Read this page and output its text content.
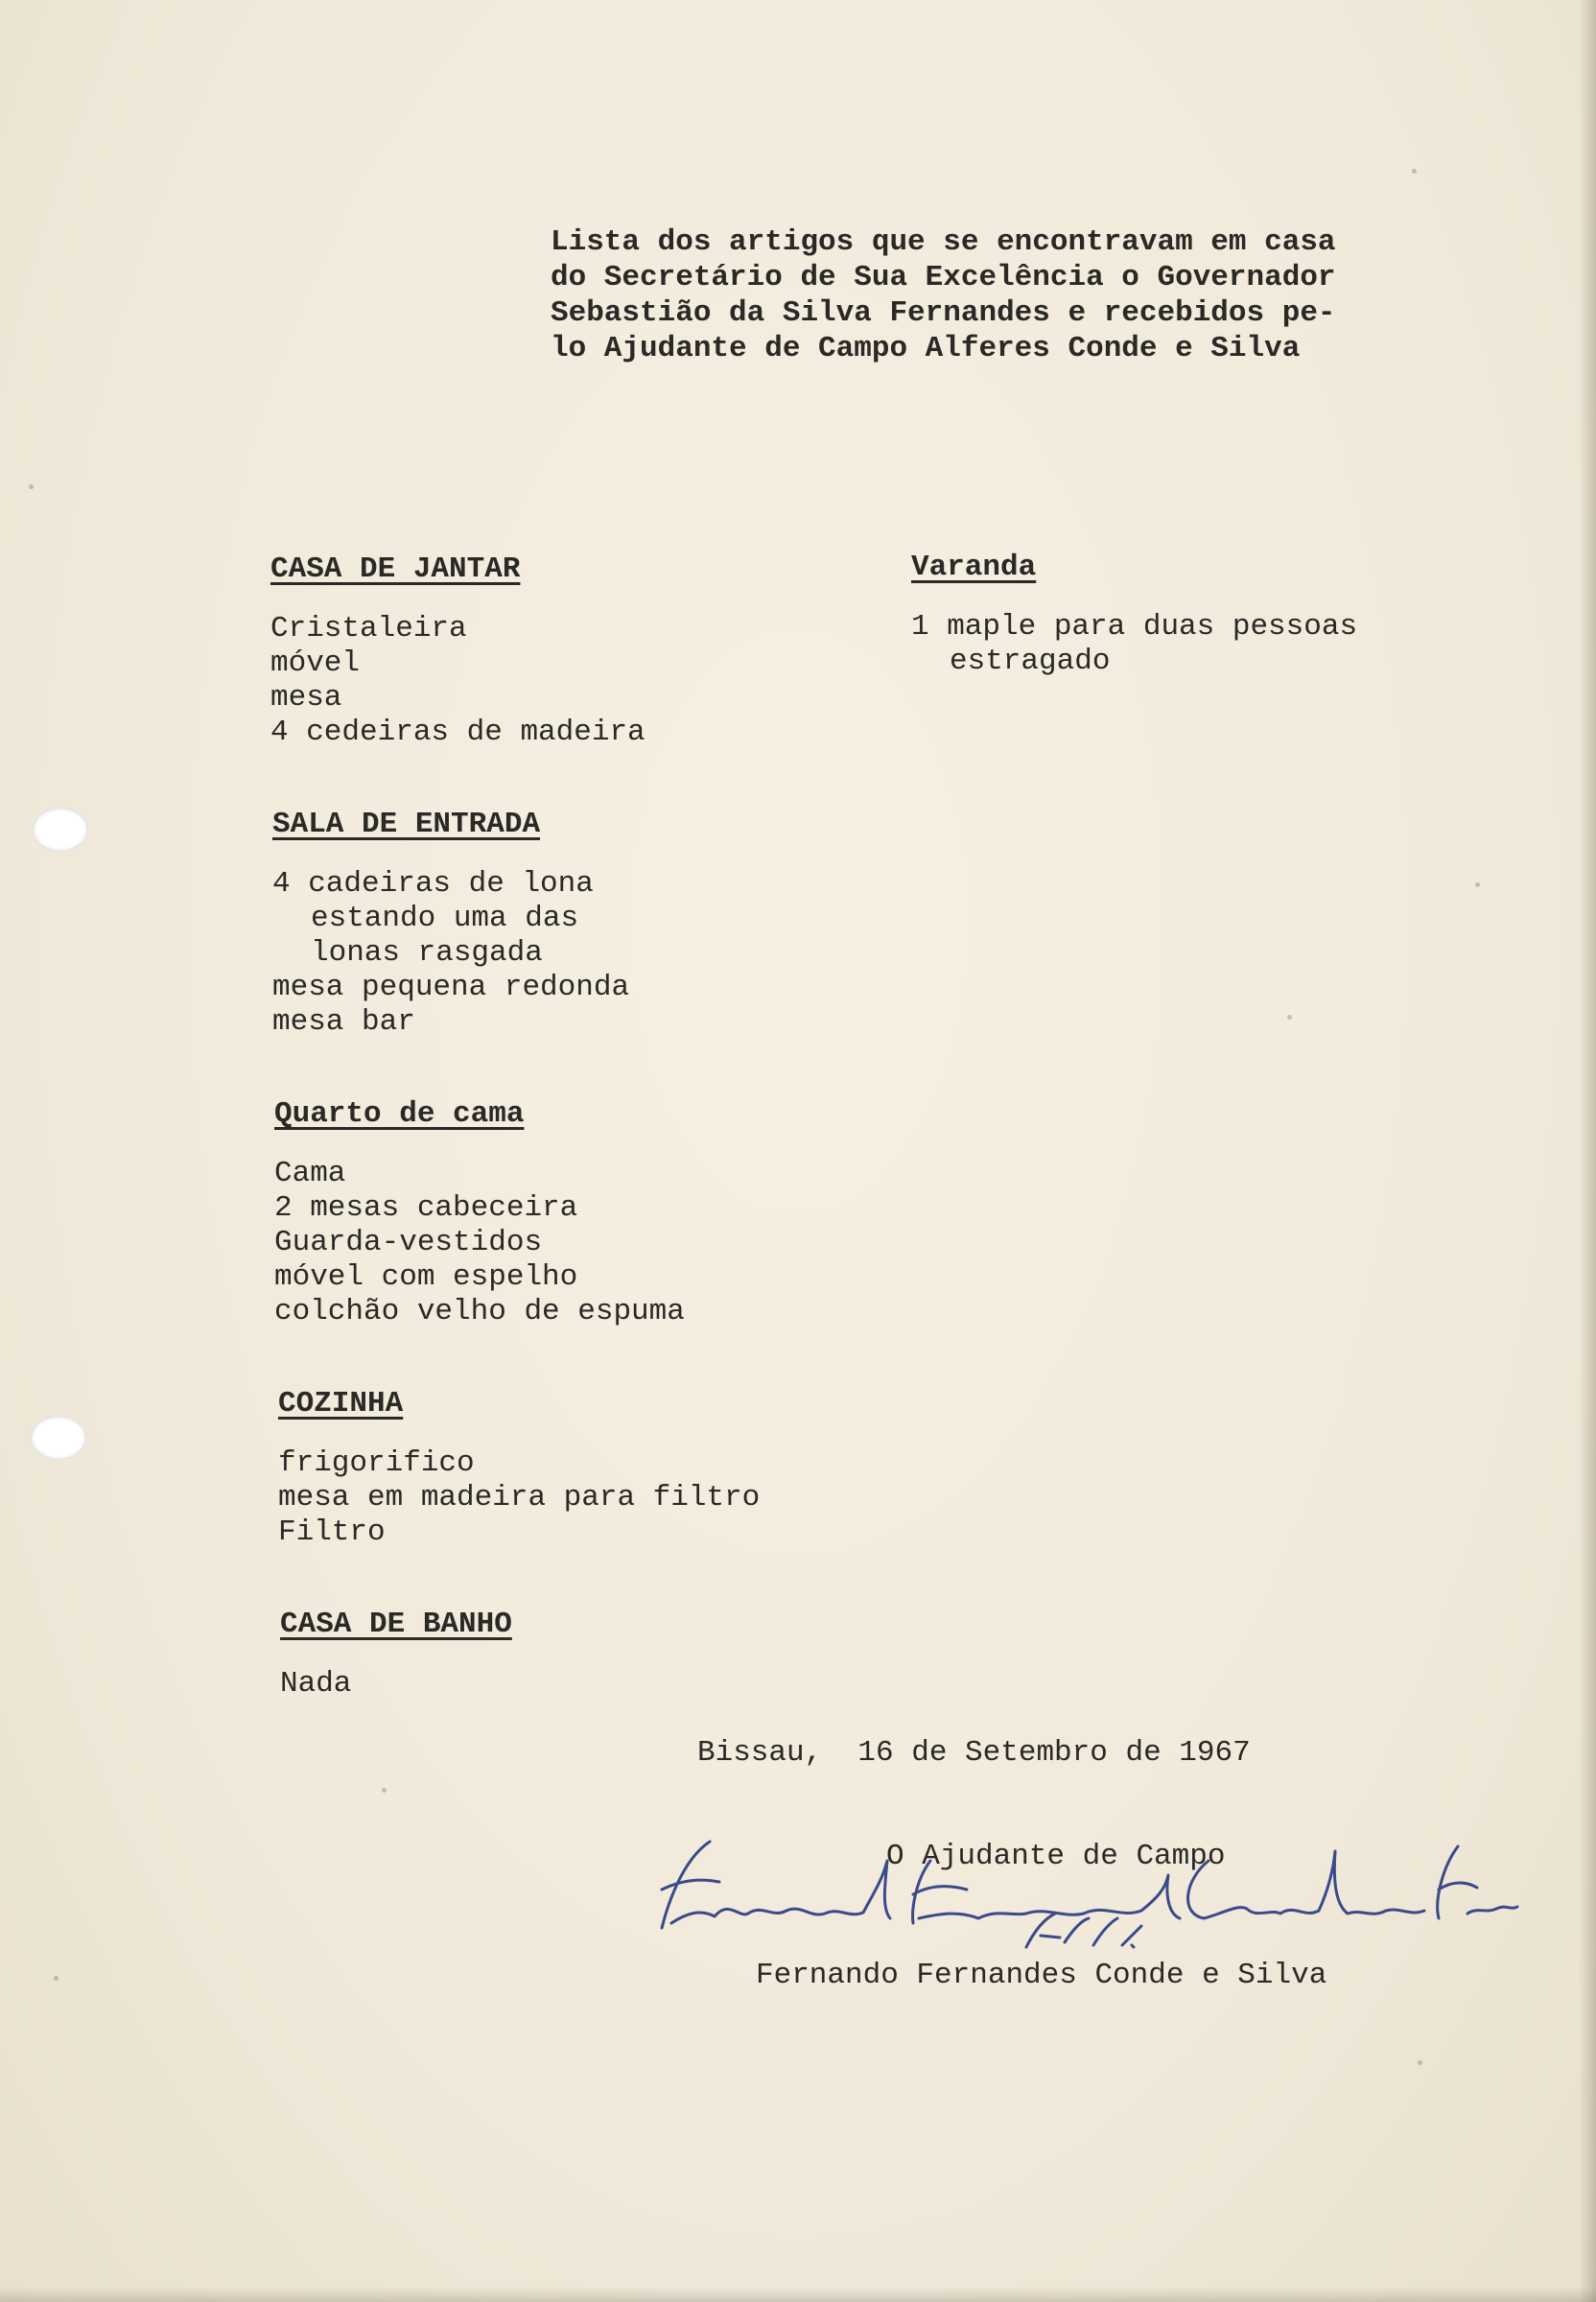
Lista dos artigos que se encontravam em casa
do Secretário de Sua Excelência o Governador
Sebastião da Silva Fernandes e recebidos pe-
lo Ajudante de Campo Alferes Conde e Silva
CASA DE JANTAR
Cristaleira
móvel
mesa
4 cedeiras de madeira
Varanda
1 maple para duas pessoas
estragado
SALA DE ENTRADA
4 cadeiras de lona
estando uma das
lonas rasgada
mesa pequena redonda
mesa bar
Quarto de cama
Cama
2 mesas cabeceira
Guarda-vestidos
móvel com espelho
colchão velho de espuma
COZINHA
frigorifico
mesa em madeira para filtro
Filtro
CASA DE BANHO
Nada
Bissau,  16 de Setembro de 1967
O Ajudante de Campo
Fernando Fernandes Conde e Silva
